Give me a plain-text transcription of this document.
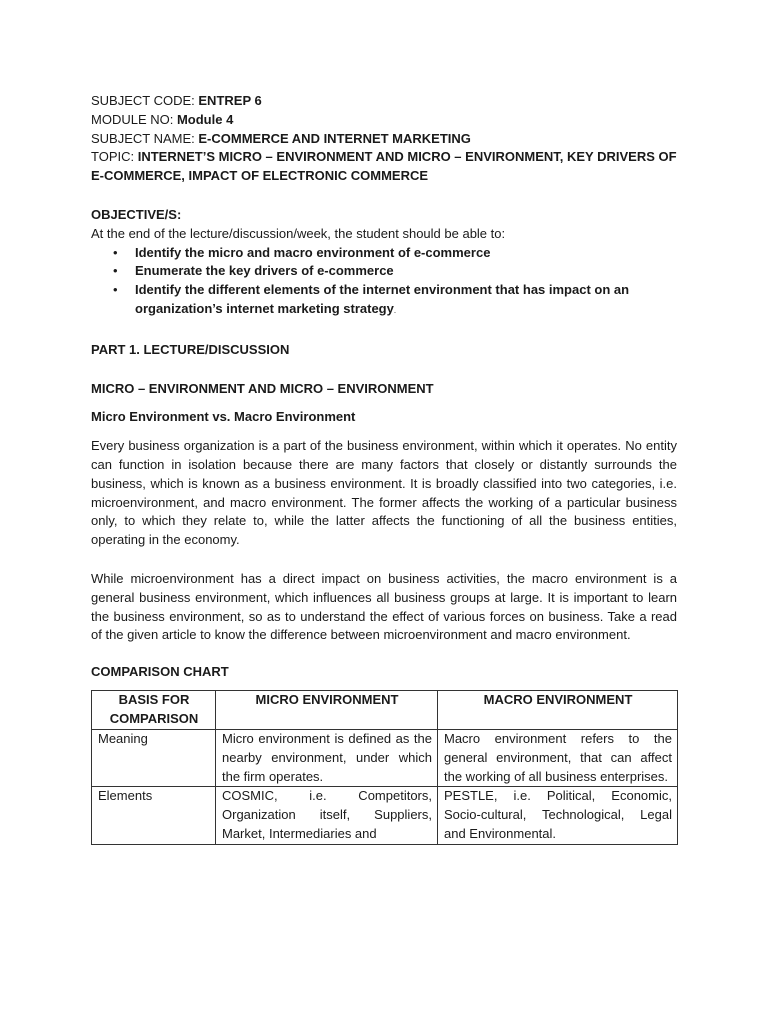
SUBJECT CODE: ENTREP 6
MODULE NO: Module 4
SUBJECT NAME: E-COMMERCE AND INTERNET MARKETING
TOPIC: INTERNET’S MICRO – ENVIRONMENT AND MICRO – ENVIRONMENT, KEY DRIVERS OF
E-COMMERCE, IMPACT OF ELECTRONIC COMMERCE
OBJECTIVE/S:
At the end of the lecture/discussion/week, the student should be able to:
• Identify the micro and macro environment of e-commerce
• Enumerate the key drivers of e-commerce
• Identify the different elements of the internet environment that has impact on an organization’s internet marketing strategy.
PART 1. LECTURE/DISCUSSION
MICRO – ENVIRONMENT AND MICRO – ENVIRONMENT
Micro Environment vs. Macro Environment

Every business organization is a part of the business environment, within which it operates. No entity can function in isolation because there are many factors that closely or distantly surrounds the business, which is known as a business environment. It is broadly classified into two categories, i.e. microenvironment, and macro environment. The former affects the working of a particular business only, to which they relate to, while the latter affects the functioning of all the business entities, operating in the economy.

While microenvironment has a direct impact on business activities, the macro environment is a general business environment, which influences all business groups at large. It is important to learn the business environment, so as to understand the effect of various forces on business. Take a read of the given article to know the difference between microenvironment and macro environment.

COMPARISON CHART
BASIS FOR COMPARISON	MICRO ENVIRONMENT	MACRO ENVIRONMENT
Meaning	Micro environment is defined as the nearby environment, under which the firm operates.	Macro environment refers to the general environment, that can affect the working of all business enterprises.
Elements	COSMIC, i.e. Competitors, Organization itself, Suppliers, Market, Intermediaries and	PESTLE, i.e. Political, Economic, Socio-cultural, Technological, Legal and Environmental.
